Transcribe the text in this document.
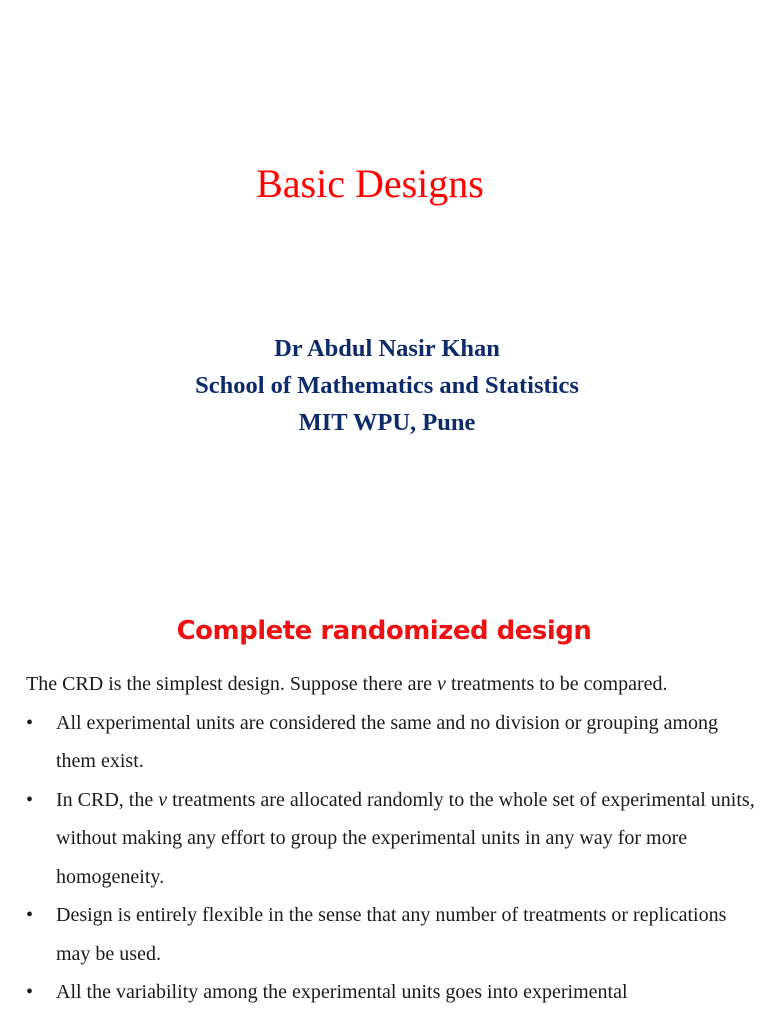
Basic Designs
Dr Abdul Nasir Khan
School of Mathematics and Statistics
MIT WPU, Pune
Complete randomized design

The CRD is the simplest design. Suppose there are v treatments to be compared.

• All experimental units are considered the same and no division or grouping among them exist.

• In CRD, the v treatments are allocated randomly to the whole set of experimental units, without making any effort to group the experimental units in any way for more homogeneity.

• Design is entirely flexible in the sense that any number of treatments or replications may be used.

• All the variability among the experimental units goes into experimental
